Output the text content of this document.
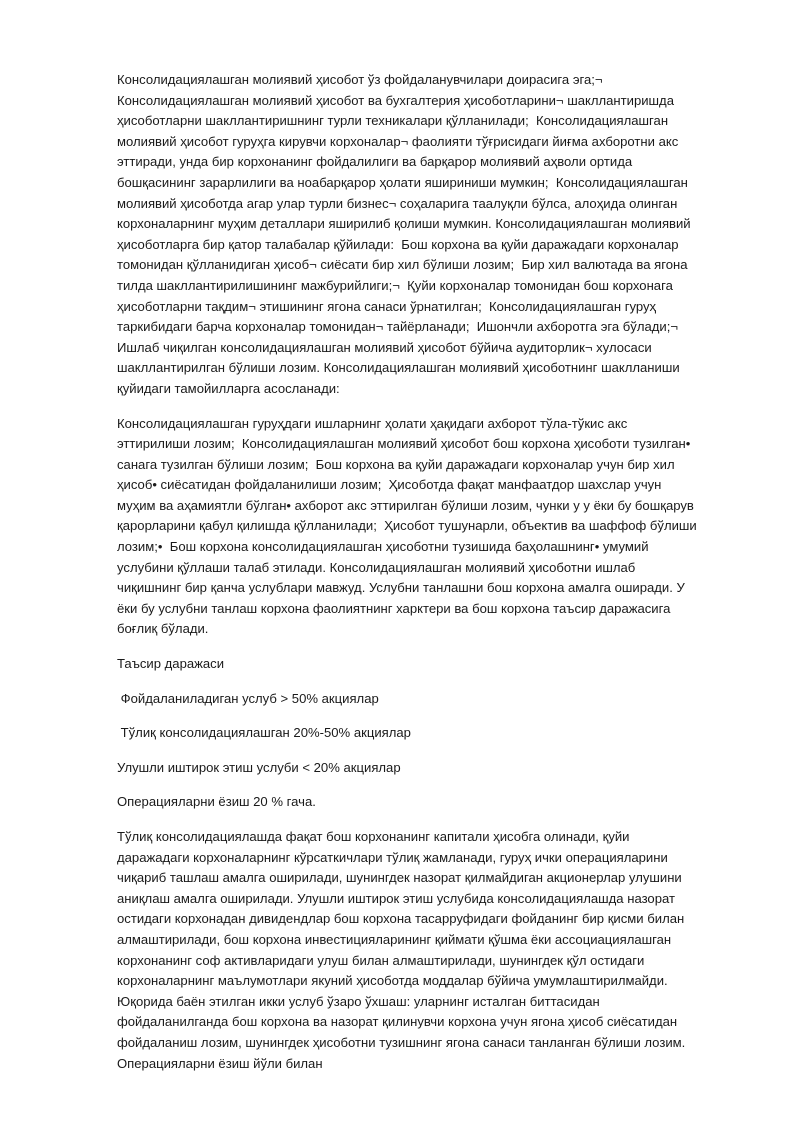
Консолидациялашган молиявий ҳисобот ўз фойдаланувчилари доирасига эга;¬ Консолидациялашган молиявий ҳисобот ва бухгалтерия ҳисоботларини¬ шакллантиришда ҳисоботларни шакллантиришнинг турли техникалари қўлланилади;  Консолидациялашган молиявий ҳисобот гуруҳга кирувчи корхоналар¬ фаолияти тўғрисидаги йиғма ахборотни акс эттиради, унда бир корхонанинг фойдалилиги ва барқарор молиявий аҳволи ортида бошқасининг зарарлилиги ва ноабарқарор ҳолати яшириниши мумкин;  Консолидациялашган молиявий ҳисоботда агар улар турли бизнес¬ соҳаларига таалуқли бўлса, алоҳида олинган корхоналарнинг муҳим деталлари яширилиб қолиши мумкин. Консолидациялашган молиявий ҳисоботларга бир қатор талабалар қўйилади:  Бош корхона ва қуйи даражадаги корхоналар томонидан қўлланидиган ҳисоб¬ сиёсати бир хил бўлиши лозим;  Бир хил валютада ва ягона тилда шакллантирилишининг мажбурийлиги;¬  Қуйи корхоналар томонидан бош корхонага ҳисоботларни тақдим¬ этишининг ягона санаси ўрнатилган;  Консолидациялашган гуруҳ таркибидаги барча корхоналар томонидан¬ тайёрланади;  Ишончли ахборотга эга бўлади;¬ Ишлаб чиқилган консолидациялашган молиявий ҳисобот бўйича аудиторлик¬ хулосаси шакллантирилган бўлиши лозим. Консолидациялашган молиявий ҳисоботнинг шаклланиши қуйидаги тамойилларга асосланади:

Консолидациялашган гуруҳдаги ишларнинг ҳолати ҳақидаги ахборот тўла-тўкис акс эттирилиши лозим;  Консолидациялашган молиявий ҳисобот бош корхона ҳисоботи тузилган• санага тузилган бўлиши лозим;  Бош корхона ва қуйи даражадаги корхоналар учун бир хил ҳисоб• сиёсатидан фойдаланилиши лозим;  Ҳисоботда фақат манфаатдор шахслар учун муҳим ва аҳамиятли бўлган• ахборот акс эттирилган бўлиши лозим, чунки у у ёки бу бошқарув қарорларини қабул қилишда қўлланилади;  Ҳисобот тушунарли, объектив ва шаффоф бўлиши лозим;•  Бош корхона консолидациялашган ҳисоботни тузишида баҳолашнинг• умумий услубини қўллаши талаб этилади. Консолидациялашган молиявий ҳисоботни ишлаб чиқишнинг бир қанча услублари мавжуд. Услубни танлашни бош корхона амалга оширади. У ёки бу услубни танлаш корхона фаолиятнинг харктери ва бош корхона таъсир даражасига боғлиқ бўлади.

Таъсир даражаси

Фойдаланиладиган услуб > 50% акциялар

Тўлиқ консолидациялашган 20%-50% акциялар

Улушли иштирок этиш услуби < 20% акциялар

Операцияларни ёзиш 20 % гача.

Тўлиқ консолидациялашда фақат бош корхонанинг капитали ҳисобга олинади, қуйи даражадаги корхоналарнинг кўрсаткичлари тўлиқ жамланади, гуруҳ ички операцияларини чиқариб ташлаш амалга оширилади, шунингдек назорат қилмайдиган акционерлар улушини аниқлаш амалга оширилади. Улушли иштирок этиш услубида консолидациялашда назорат остидаги корхонадан дивидендлар бош корхона тасарруфидаги фойданинг бир қисми билан алмаштирилади, бош корхона инвестицияларининг қиймати қўшма ёки ассоциациялашган корхонанинг соф активларидаги улуш билан алмаштирилади, шунингдек қўл остидаги корхоналарнинг маълумотлари якуний ҳисоботда моддалар бўйича умумлаштирилмайди. Юқорида баён этилган икки услуб ўзаро ўхшаш: уларнинг исталган биттасидан фойдаланилганда бош корхона ва назорат қилинувчи корхона учун ягона ҳисоб сиёсатидан фойдаланиш лозим, шунингдек ҳисоботни тузишнинг ягона санаси танланган бўлиши лозим. Операцияларни ёзиш йўли билан
